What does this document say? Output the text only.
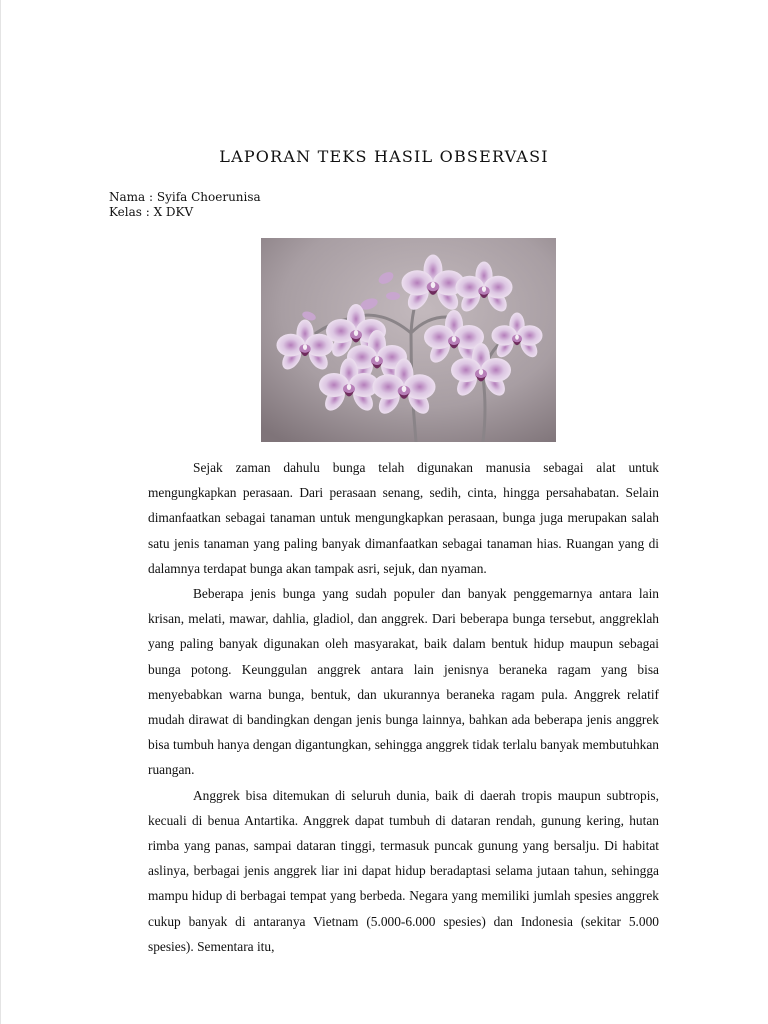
LAPORAN TEKS HASIL OBSERVASI
Nama : Syifa Choerunisa
Kelas : X DKV

Sejak zaman dahulu bunga telah digunakan manusia sebagai alat untuk mengungkapkan perasaan. Dari perasaan senang, sedih, cinta, hingga persahabatan. Selain dimanfaatkan sebagai tanaman untuk mengungkapkan perasaan, bunga juga merupakan salah satu jenis tanaman yang paling banyak dimanfaatkan sebagai tanaman hias. Ruangan yang di dalamnya terdapat bunga akan tampak asri, sejuk, dan nyaman.

Beberapa jenis bunga yang sudah populer dan banyak penggemarnya antara lain krisan, melati, mawar, dahlia, gladiol, dan anggrek. Dari beberapa bunga tersebut, anggreklah yang paling banyak digunakan oleh masyarakat, baik dalam bentuk hidup maupun sebagai bunga potong. Keunggulan anggrek antara lain jenisnya beraneka ragam yang bisa menyebabkan warna bunga, bentuk, dan ukurannya beraneka ragam pula. Anggrek relatif mudah dirawat di bandingkan dengan jenis bunga lainnya, bahkan ada beberapa jenis anggrek bisa tumbuh hanya dengan digantungkan, sehingga anggrek tidak terlalu banyak membutuhkan ruangan.

Anggrek bisa ditemukan di seluruh dunia, baik di daerah tropis maupun subtropis, kecuali di benua Antartika. Anggrek dapat tumbuh di dataran rendah, gunung kering, hutan rimba yang panas, sampai dataran tinggi, termasuk puncak gunung yang bersalju. Di habitat aslinya, berbagai jenis anggrek liar ini dapat hidup beradaptasi selama jutaan tahun, sehingga mampu hidup di berbagai tempat yang berbeda. Negara yang memiliki jumlah spesies anggrek cukup banyak di antaranya Vietnam (5.000-6.000 spesies) dan Indonesia (sekitar 5.000 spesies). Sementara itu,
